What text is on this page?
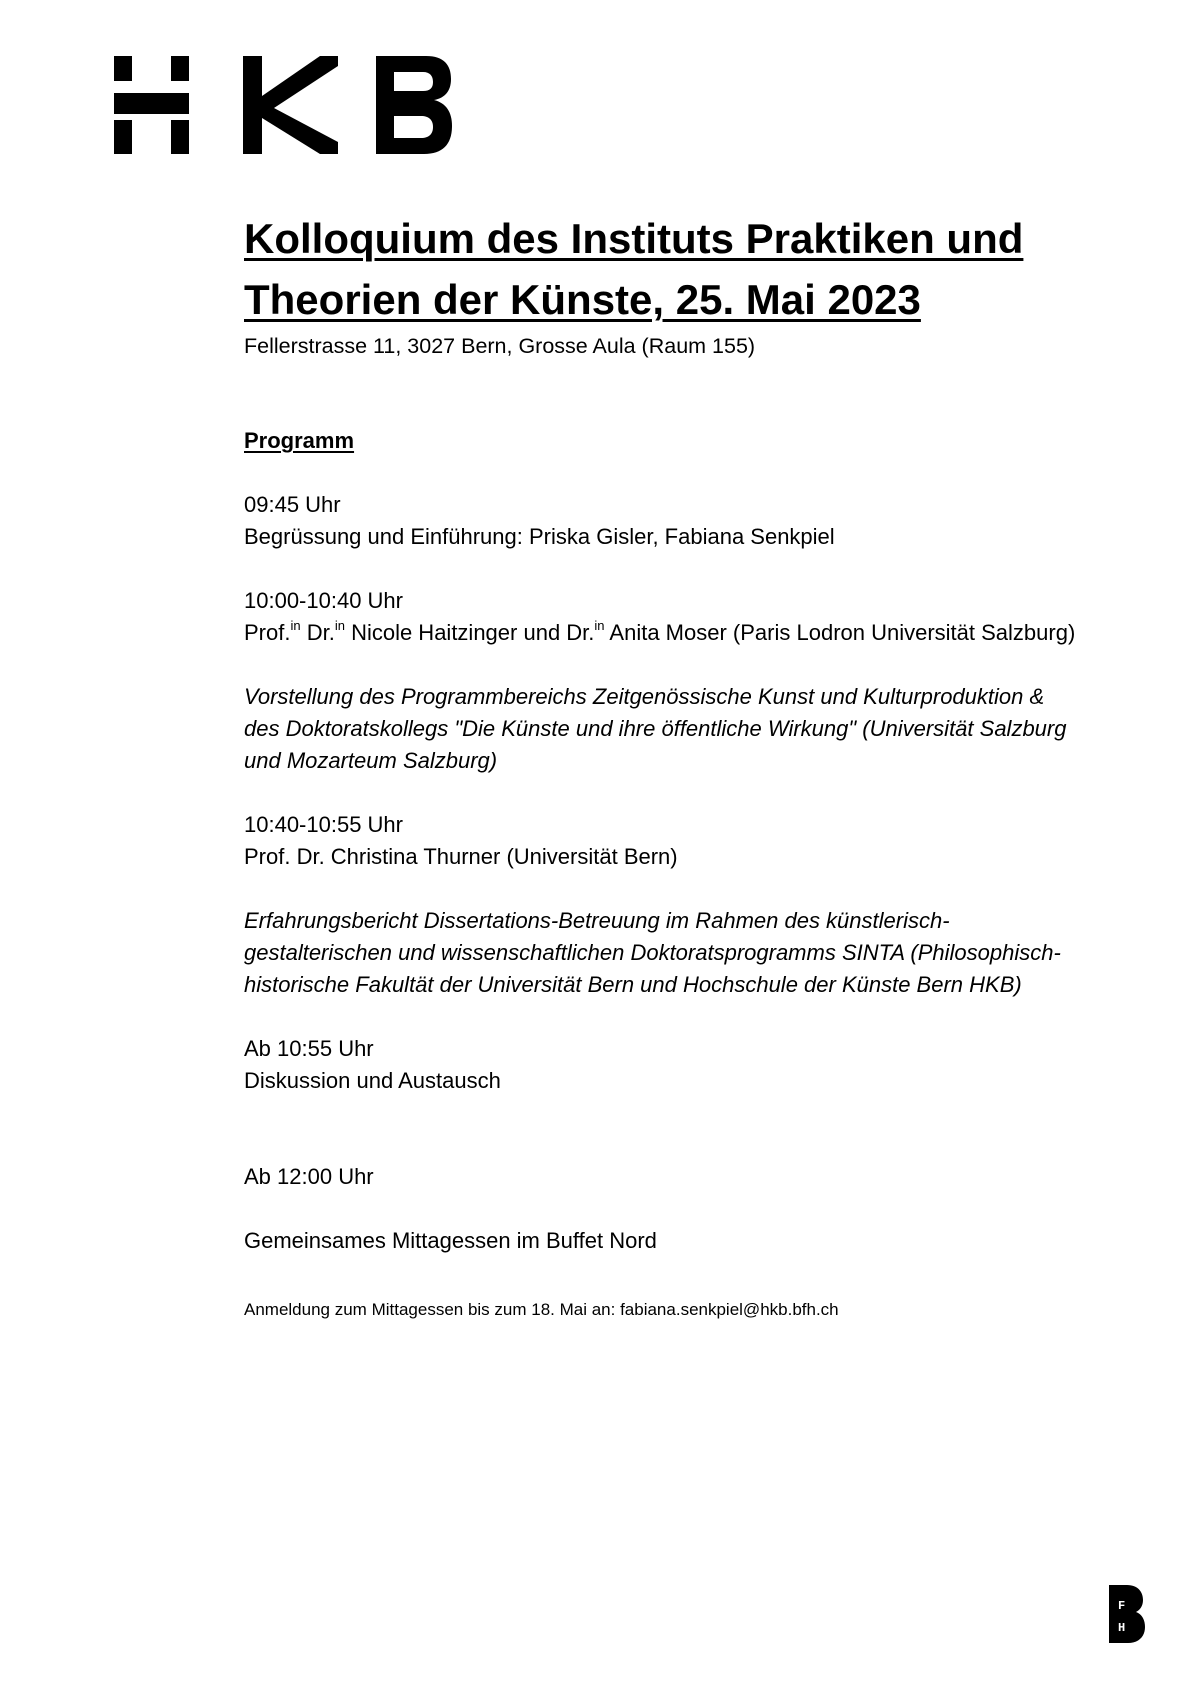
Kolloquium des Instituts Praktiken und Theorien der Künste, 25. Mai 2023

Fellerstrasse 11, 3027 Bern, Grosse Aula (Raum 155)

Programm
09:45 Uhr
Begrüssung und Einführung: Priska Gisler, Fabiana Senkpiel
10:00-10:40 Uhr
Prof.$^{in}$ Dr.$^{in}$ Nicole Haitzinger und Dr.$^{in}$ Anita Moser (Paris Lodron Universität Salzburg)
Vorstellung des Programmbereichs Zeitgenössische Kunst und Kulturproduktion & des Doktoratskollegs "Die Künste und ihre öffentliche Wirkung" (Universität Salzburg und Mozarteum Salzburg)
10:40-10:55 Uhr
Prof. Dr. Christina Thurner (Universität Bern)
Erfahrungsbericht Dissertations-Betreuung im Rahmen des künstlerisch-gestalterischen und wissenschaftlichen Doktoratsprogramms SINTA (Philosophisch-historische Fakultät der Universität Bern und Hochschule der Künste Bern HKB)
Ab 10:55 Uhr
Diskussion und Austausch
Ab 12:00 Uhr
Gemeinsames Mittagessen im Buffet Nord
Anmeldung zum Mittagessen bis zum 18. Mai an: fabiana.senkpiel@hkb.bfh.ch
F
H
